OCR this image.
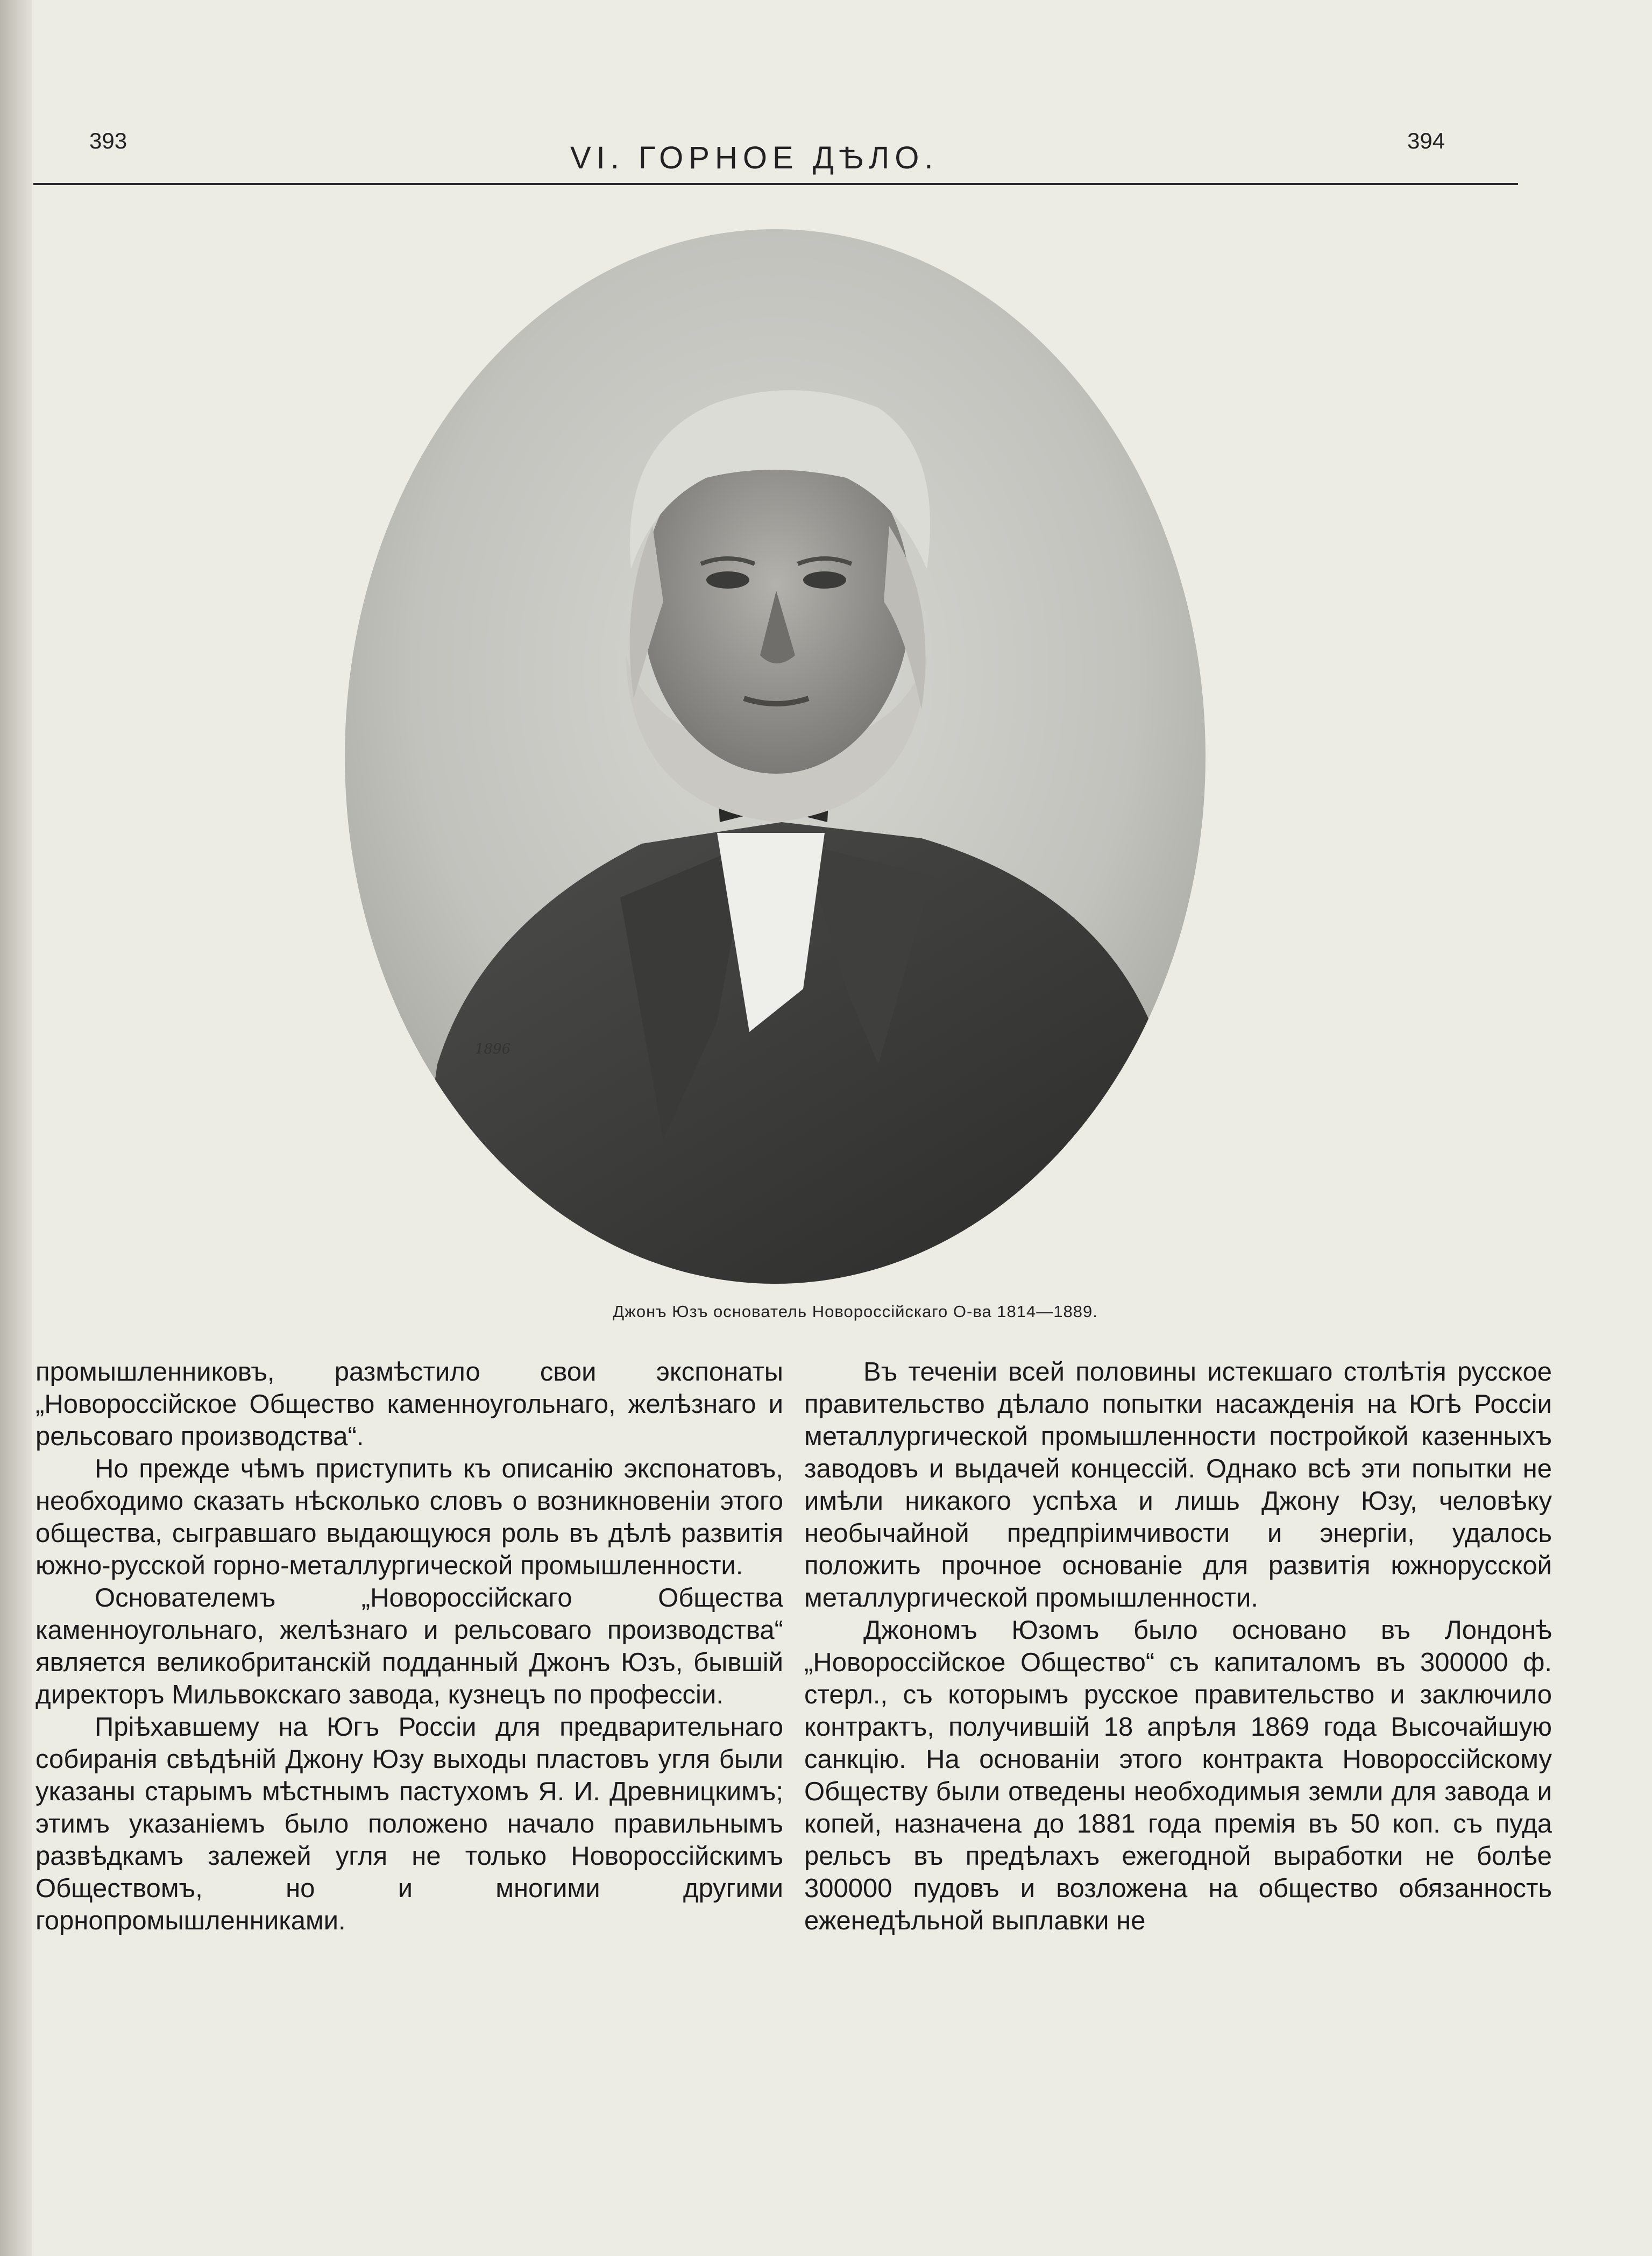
393	VI. ГОРНОЕ ДѢЛО.	394
1896
Джонъ Юзъ основатель Новороссійскаго О-ва 1814—1889.

промышленниковъ, размѣстило свои экспонаты „Новороссійское Общество каменноугольнаго, желѣзнаго и рельсоваго производства“.

Но прежде чѣмъ приступить къ описанію экспонатовъ, необходимо сказать нѣсколько словъ о возникновеніи этого общества, сыгравшаго выдающуюся роль въ дѣлѣ развитія южно-русской горно-металлургической промышленности.

Основателемъ „Новороссійскаго Общества каменноугольнаго, желѣзнаго и рельсоваго производства“ является великобританскій подданный Джонъ Юзъ, бывшій директоръ Мильвокскаго завода, кузнецъ по профессіи.

Пріѣхавшему на Югъ Россіи для предварительнаго собиранія свѣдѣній Джону Юзу выходы пластовъ угля были указаны старымъ мѣстнымъ пастухомъ Я. И. Древницкимъ; этимъ указаніемъ было положено начало правильнымъ развѣдкамъ залежей угля не только Новороссійскимъ Обществомъ, но и многими другими горнопромышленниками.

Въ теченіи всей половины истекшаго столѣтія русское правительство дѣлало попытки насажденія на Югѣ Россіи металлургической промышленности постройкой казенныхъ заводовъ и выдачей концессій. Однако всѣ эти попытки не имѣли никакого успѣха и лишь Джону Юзу, человѣку необычайной предпріимчивости и энергіи, удалось положить прочное основаніе для развитія южнорусской металлургической промышленности.

Джономъ Юзомъ было основано въ Лондонѣ „Новороссійское Общество“ съ капиталомъ въ 300000 ф. стерл., съ которымъ русское правительство и заключило контрактъ, получившій 18 апрѣля 1869 года Высочайшую санкцію. На основаніи этого контракта Новороссійскому Обществу были отведены необходимыя земли для завода и копей, назначена до 1881 года премія въ 50 коп. съ пуда рельсъ въ предѣлахъ ежегодной выработки не болѣе 300000 пудовъ и возложена на общество обязанность еженедѣльной выплавки не
